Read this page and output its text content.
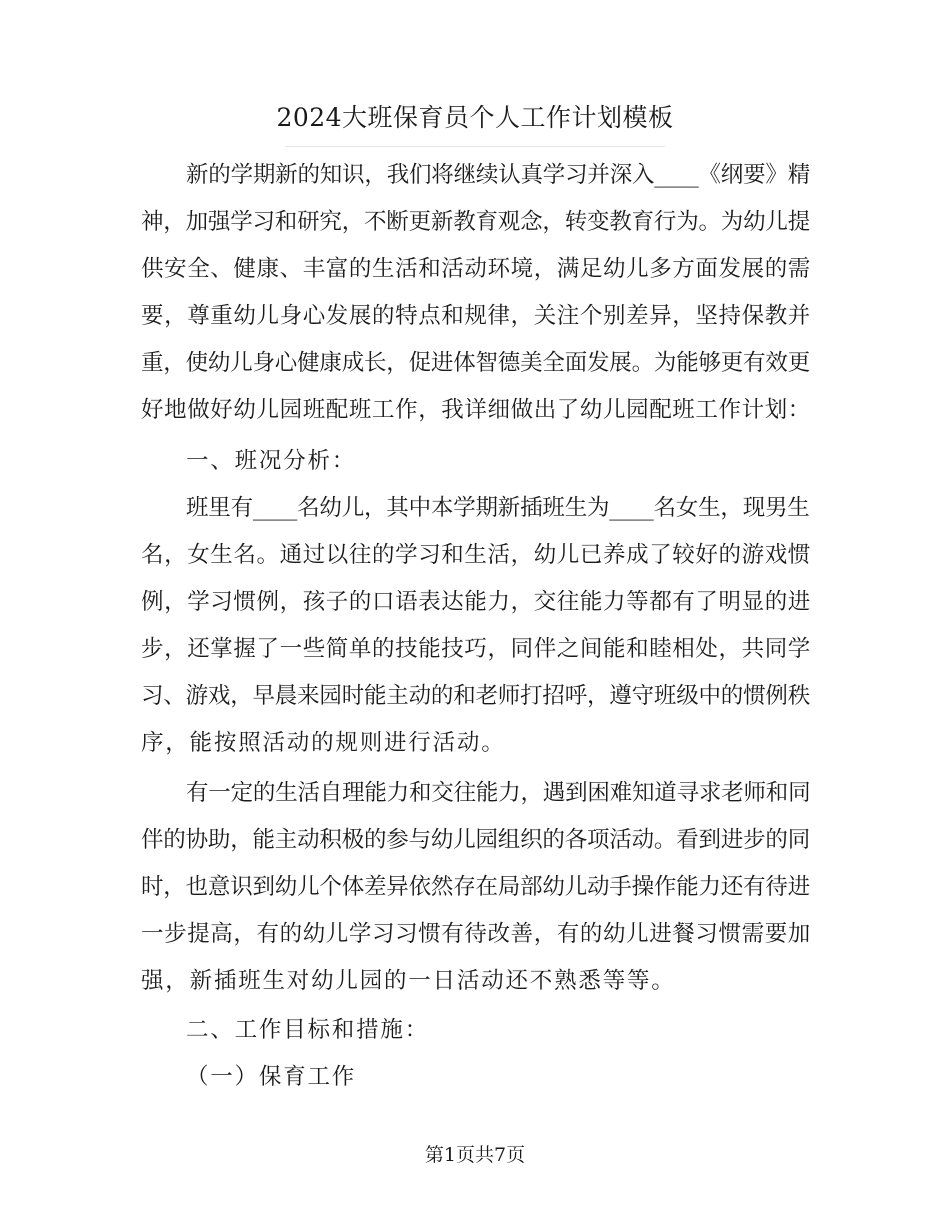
2024大班保育员个人工作计划模板
新的学期新的知识，我们将继续认真学习并深入____《纲要》精
神，加强学习和研究，不断更新教育观念，转变教育行为。为幼儿提
供安全、健康、丰富的生活和活动环境，满足幼儿多方面发展的需
要，尊重幼儿身心发展的特点和规律，关注个别差异，坚持保教并
重，使幼儿身心健康成长，促进体智德美全面发展。为能够更有效更
好地做好幼儿园班配班工作，我详细做出了幼儿园配班工作计划：
一、班况分析：
班里有____名幼儿，其中本学期新插班生为____名女生，现男生
名，女生名。通过以往的学习和生活，幼儿已养成了较好的游戏惯
例，学习惯例，孩子的口语表达能力，交往能力等都有了明显的进
步，还掌握了一些简单的技能技巧，同伴之间能和睦相处，共同学
习、游戏，早晨来园时能主动的和老师打招呼，遵守班级中的惯例秩
序，能按照活动的规则进行活动。
有一定的生活自理能力和交往能力，遇到困难知道寻求老师和同
伴的协助，能主动积极的参与幼儿园组织的各项活动。看到进步的同
时，也意识到幼儿个体差异依然存在局部幼儿动手操作能力还有待进
一步提高，有的幼儿学习习惯有待改善，有的幼儿进餐习惯需要加
强，新插班生对幼儿园的一日活动还不熟悉等等。
二、工作目标和措施：
（一）保育工作
第1页共7页
